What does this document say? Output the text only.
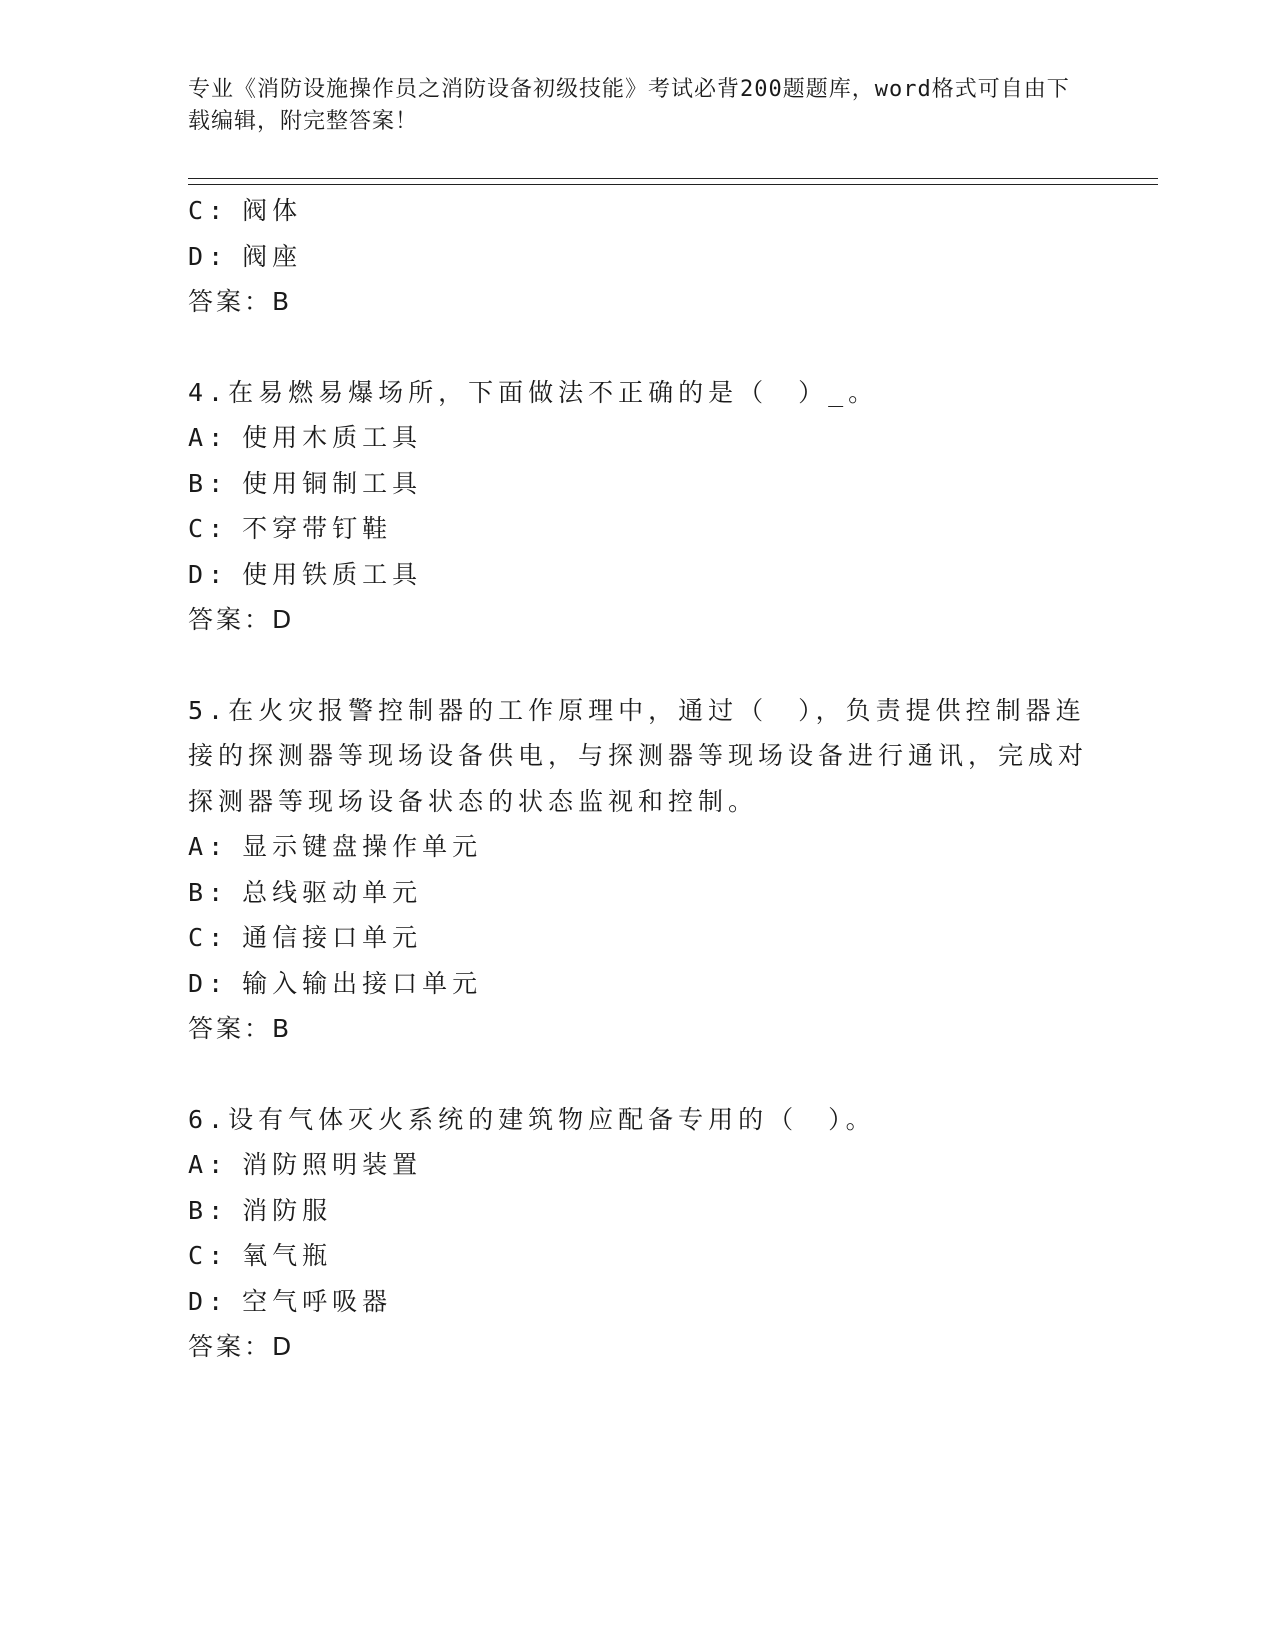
专业《消防设施操作员之消防设备初级技能》考试必背200题题库，word格式可自由下载编辑，附完整答案！
C: 阀体
D: 阀座
答案：B
4.在易燃易爆场所，下面做法不正确的是（　）_。
A: 使用木质工具
B: 使用铜制工具
C: 不穿带钉鞋
D: 使用铁质工具
答案：D
5.在火灾报警控制器的工作原理中，通过（　），负责提供控制器连接的探测器等现场设备供电，与探测器等现场设备进行通讯，完成对探测器等现场设备状态的状态监视和控制。
A: 显示键盘操作单元
B: 总线驱动单元
C: 通信接口单元
D: 输入输出接口单元
答案：B
6.设有气体灭火系统的建筑物应配备专用的（　）。
A: 消防照明装置
B: 消防服
C: 氧气瓶
D: 空气呼吸器
答案：D
